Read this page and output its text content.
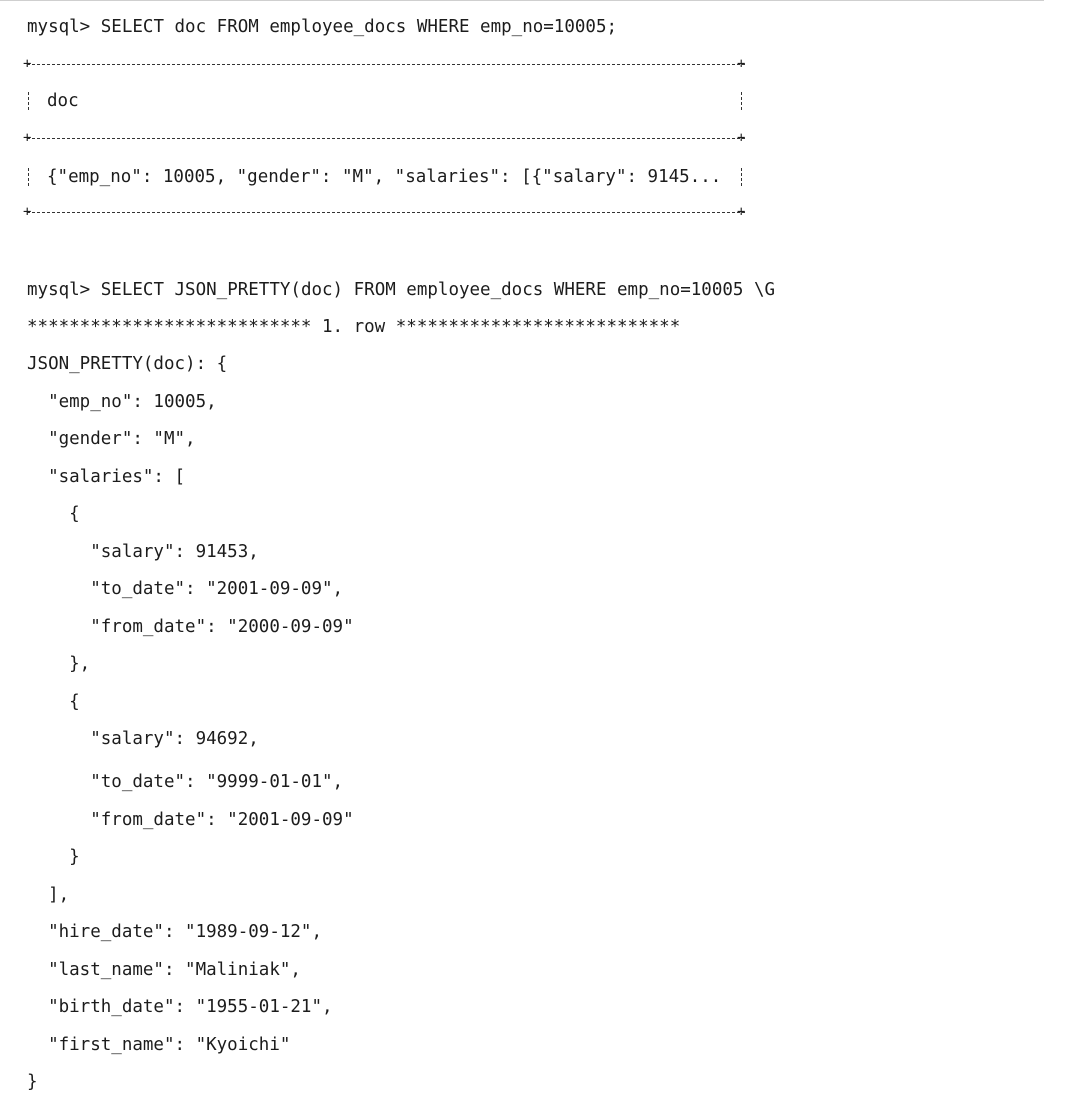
mysql> SELECT doc FROM employee_docs WHERE emp_no=10005;
+	+
doc
+	+
{"emp_no": 10005, "gender": "M", "salaries": [{"salary": 9145...
+	+
mysql> SELECT JSON_PRETTY(doc) FROM employee_docs WHERE emp_no=10005 \G
*************************** 1. row ***************************
JSON_PRETTY(doc): {
"emp_no": 10005,
"gender": "M",
"salaries": [
{
"salary": 91453,
"to_date": "2001-09-09",
"from_date": "2000-09-09"
},
{
"salary": 94692,
"to_date": "9999-01-01",
"from_date": "2001-09-09"
}
],
"hire_date": "1989-09-12",
"last_name": "Maliniak",
"birth_date": "1955-01-21",
"first_name": "Kyoichi"
}
